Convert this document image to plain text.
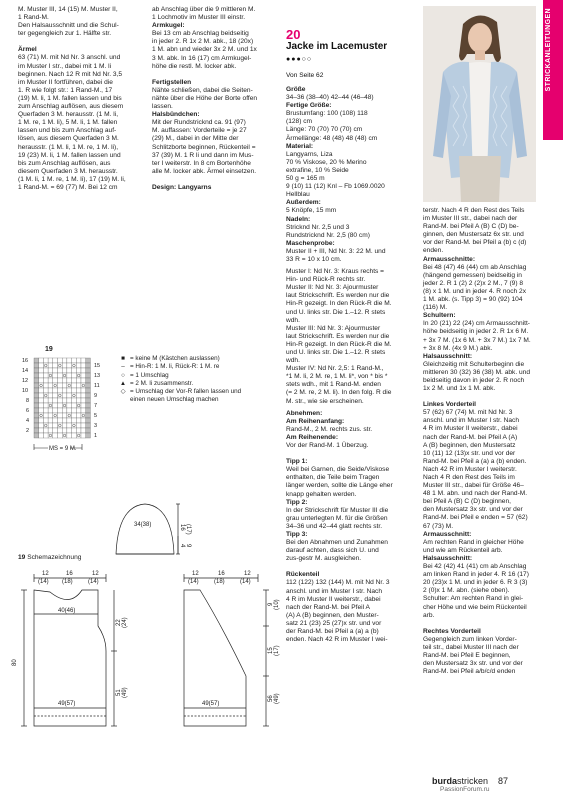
STRICKANLEITUNGEN

M. Muster III, 14 (15) M. Muster II,

1 Rand-M.

Den Halsausschnitt und die Schul-

ter gegengleich zur 1. Hälfte str.

Ärmel

63 (71) M. mit Nd Nr. 3 anschl. und

im Muster I str., dabei mit 1 M. li

beginnen. Nach 12 R mit Nd Nr. 3,5

im Muster II fortführen, dabei die

1. R wie folgt str.: 1 Rand-M., 17

(19) M. li, 1 M. fallen lassen und bis

zum Anschlag auflösen, aus diesem

Querfaden 3 M. herausstr. (1 M. li,

1 M. re, 1 M. li), 5 M. li, 1 M. fallen

lassen und bis zum Anschlag auf-

lösen, aus diesem Querfaden 3 M.

herausstr. (1 M. li, 1 M. re, 1 M. li),

19 (23) M. li, 1 M. fallen lassen und

bis zum Anschlag auflösen, aus

diesem Querfaden 3 M. herausstr.

(1 M. li, 1 M. re, 1 M. li), 17 (19) M. li,

1 Rand-M. = 69 (77) M. Bei 12 cm

ab Anschlag über die 9 mittleren M.

1 Lochmotiv im Muster III einstr.

Armkugel:

Bei 13 cm ab Anschlag beidseitig

in jeder 2. R 1x 2 M. abk., 18 (20x)

1 M. abn und wieder 3x 2 M. und 1x

3 M. abk. In 16 (17) cm Armkugel-

höhe die restl. M. locker abk.

Fertigstellen

Nähte schließen, dabei die Seiten-

nähte über die Höhe der Borte offen

lassen.

Halsbündchen:

Mit der Rundstricknd ca. 91 (97)

M. auffassen: Vorderteile = je 27

(29) M., dabei in der Mitte der

Schlitzborte beginnen, Rückenteil =

37 (39) M. 1 R li und dann im Mus-

ter I weiterstr. In 8 cm Bortenhöhe

alle M. locker abk. Ärmel einsetzen.

Design: Langyarns

20
Jacke im Lacemuster
●●●○○
Von Seite 62

Größe

34–36 (38–40) 42–44 (46–48)

Fertige Größe:

Brustumfang: 100 (108) 118

(128) cm

Länge: 70 (70) 70 (70) cm

Ärmellänge: 48 (48) 48 (48) cm

Material:

Langyarns, Liza

70 % Viskose, 20 % Merino

extrafine, 10 % Seide

50 g = 165 m

9 (10) 11 (12) Knl – Fb 1069.0020

Hellblau

Außerdem:

5 Knöpfe, 15 mm

Nadeln:

Stricknd Nr. 2,5 und 3

Rundstricknd Nr. 2,5 (80 cm)

Maschenprobe:

Muster II + III, Nd Nr. 3: 22 M. und

33 R = 10 x 10 cm.

Muster I: Nd Nr. 3: Kraus rechts =

Hin- und Rück-R rechts str.

Muster II: Nd Nr. 3: Ajourmuster

laut Strickschrift. Es werden nur die

Hin-R gezeigt. In den Rück-R die M.

und U. links str. Die 1.–12. R stets

wdh.

Muster III: Nd Nr. 3: Ajourmuster

laut Strickschrift. Es werden nur die

Hin-R gezeigt. In den Rück-R die M.

und U. links str. Die 1.–12. R stets

wdh.

Muster IV: Nd Nr. 2,5: 1 Rand-M.,

*1 M. li, 2 M. re, 1 M. li*, von * bis *

stets wdh., mit 1 Rand-M. enden

(= 2 M. re, 2 M. li). In den folg. R die

M. str., wie sie erscheinen.

Abnehmen:

Am Reihenanfang:

Rand-M., 2 M. rechts zus. str.

Am Reihenende:

Vor der Rand-M. 1 Überzug.

Tipp 1:

Weil bei Garnen, die Seide/Viskose

enthalten, die Teile beim Tragen

länger werden, sollte die Länge eher

knapp gehalten werden.

Tipp 2:

In der Strickschrift für Muster III die

grau unterlegten M. für die Größen

34–36 und 42–44 glatt rechts str.

Tipp 3:

Bei den Abnahmen und Zunahmen

darauf achten, dass sich U. und

zus-gestr M. ausgleichen.

Rückenteil

112 (122) 132 (144) M. mit Nd Nr. 3

anschl. und im Muster I str. Nach

4 R im Muster II weiterstr., dabei

nach der Rand-M. bei Pfeil A

(A) A (B) beginnen, den Muster-

satz 21 (23) 25 (27)x str. und vor

der Rand-M. bei Pfeil a (a) a (b)

enden. Nach 42 R im Muster I wei-

terstr. Nach 4 R den Rest des Teils

im Muster III str., dabei nach der

Rand-M. bei Pfeil A (B) C (D) be-

ginnen, den Mustersatz 6x str. und

vor der Rand-M. bei Pfeil a (b) c (d)

enden.

Armausschnitte:

Bei 48 (47) 46 (44) cm ab Anschlag

(hängend gemessen) beidseitig in

jeder 2. R 1 (2) 2 (2)x 2 M., 7 (9) 8

(8) x 1 M. und in jeder 4. R noch 2x

1 M. abk. (s. Tipp 3) = 90 (92) 104

(116) M.

Schultern:

In 20 (21) 22 (24) cm Armausschnitt-

höhe beidseitig in jeder 2. R 1x 6 M.

+ 3x 7 M. (1x 6 M. + 3x 7 M.) 1x 7 M.

+ 3x 8 M. (4x 9 M.) abk.

Halsausschnitt:

Gleichzeitig mit Schulterbeginn die

mittleren 30 (32) 36 (38) M. abk. und

beidseitig davon in jeder 2. R noch

1x 2 M. und 1x 1 M. abk.

Linkes Vorderteil

57 (62) 67 (74) M. mit Nd Nr. 3

anschl. und im Muster I str. Nach

4 R im Muster II weiterstr., dabei

nach der Rand-M. bei Pfeil A (A)

A (B) beginnen, den Mustersatz

10 (11) 12 (13)x str. und vor der

Rand-M. bei Pfeil a (a) a (b) enden.

Nach 42 R im Muster I weiterstr.

Nach 4 R den Rest des Teils im

Muster III str., dabei für Größe 46–

48 1 M. abn. und nach der Rand-M.

bei Pfeil A (B) C (D) beginnen,

den Mustersatz 3x str. und vor der

Rand-M. bei Pfeil e enden = 57 (62)

67 (73) M.

Armausschnitt:

Am rechten Rand in gleicher Höhe

und wie am Rückenteil arb.

Halsausschnitt:

Bei 42 (42) 41 (41) cm ab Anschlag

am linken Rand in jeder 4. R 16 (17)

20 (23)x 1 M. und in jeder 6. R 3 (3)

2 (0)x 1 M. abn. (siehe oben).

Schulter: Am rechten Rand in glei-

cher Höhe und wie beim Rückenteil

arb.

Rechtes Vorderteil

Gegengleich zum linken Vorder-

teil str., dabei Muster III nach der

Rand-M. bei Pfeil E beginnen,

den Mustersatz 3x str. und vor der

Rand-M. bei Pfeil a/b/c/d enden

19
16
14
12
10
8
6
4
2
15
13
11
9
7
5
3
1
MS = 9 M.
■ = keine M (Kästchen auslassen)
– = Hin-R: 1 M. li, Rück-R: 1 M. re
○ = 1 Umschlag
▲ = 2 M. li zusammenstr.
◇ = Umschlag der Vor-R fallen lassen und
einen neuen Umschlag machen
19 Schemazeichnung
34(38)	16 (17)
4 9
12	16	12
(14) (18)	(14)
40(46)
49(57)
80
22 (24)
51 (49)
12	16	12
(14)	(18)	(14)
49(57)
9 (10)
15 (17)
56 (49)
burdastricken 87
PassionForum.ru
